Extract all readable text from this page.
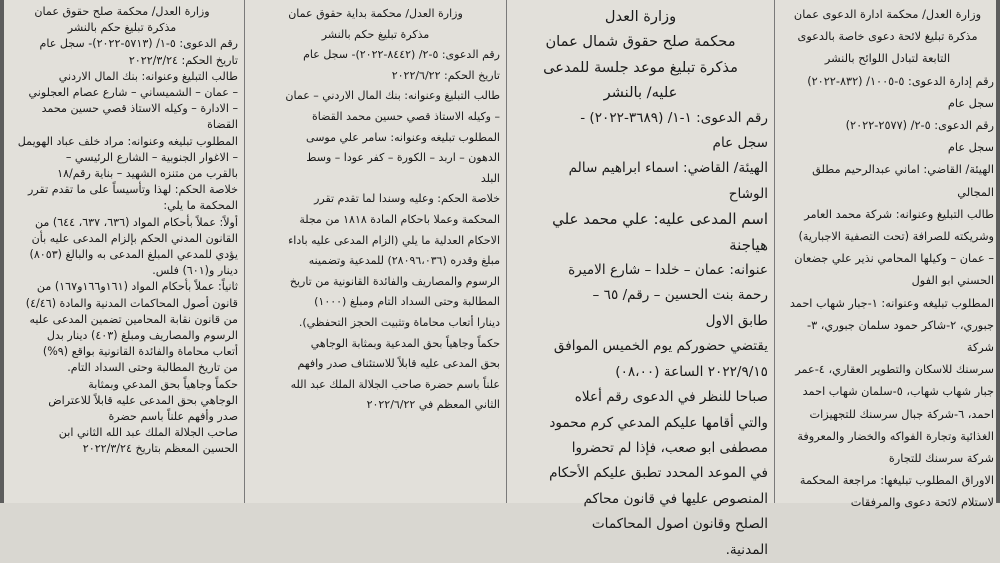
وزارة العدل/ محكمة ادارة الدعوى عمان

مذكرة تبليغ لائحة دعوى خاصة بالدعوى

التابعة لتبادل اللوائح بالنشر

رقم إدارة الدعوى: ٥-١٠٠٥/ (٨٣٢-٢٠٢٢)

سجل عام

رقم الدعوى: ٥-٢/ (٢٥٧٧-٢٠٢٢)

سجل عام

الهيئة/ القاضي: اماني عبدالرحيم مطلق

المجالي

طالب التبليغ وعنوانه: شركة محمد العامر

وشريكته للصرافة (تحت التصفية الاجبارية)

– عمان – وكيلها المحامي نذير علي جضعان

الحسني ابو الفول

المطلوب تبليغه وعنوانه: ١-جبار شهاب احمد

جبوري، ٢-شاكر حمود سلمان جبوري، ٣-شركة

سرسنك للاسكان والتطوير العقاري، ٤-عمر

جبار شهاب شهاب، ٥-سلمان شهاب احمد

احمد، ٦-شركة جبال سرسنك للتجهيزات

الغذائية وتجارة الفواكه والخضار والمعروفة

شركة سرسنك للتجارة

الاوراق المطلوب تبليغها: مراجعة المحكمة

لاستلام لائحة دعوى والمرفقات

وزارة العدل

محكمة صلح حقوق شمال عمان

مذكرة تبليغ موعد جلسة للمدعى

عليه/ بالنشر

رقم الدعوى: ١-١/ (٣٦٨٩-٢٠٢٢) -

سجل عام

الهيئة/ القاضي: اسماء ابراهيم سالم

الوشاح

اسم المدعى عليه: علي محمد علي

هياجنة

عنوانه: عمان – خلدا – شارع الاميرة

رحمة بنت الحسين – رقم/ ٦٥ –

طابق الاول

يقتضي حضوركم يوم الخميس الموافق

٢٠٢٢/٩/١٥ الساعة (٠٨،٠٠)

صباحا للنظر في الدعوى رقم أعلاه

والتي أقامها عليكم المدعي كرم محمود

مصطفى ابو صعب، فإذا لم تحضروا

في الموعد المحدد تطبق عليكم الأحكام

المنصوص عليها في قانون محاكم

الصلح وقانون اصول المحاكمات

المدنية.

وزارة العدل/ محكمة بداية حقوق عمان

مذكرة تبليغ حكم بالنشر

رقم الدعوى: ٥-٢/ (٨٤٤٢-٢٠٢٢)- سجل عام

تاريخ الحكم: ٢٠٢٢/٦/٢٢

طالب التبليغ وعنوانه: بنك المال الاردني – عمان

– وكيله الاستاذ قصي حسين محمد القضاة

المطلوب تبليغه وعنوانه: سامر علي موسى

الدهون – اربد – الكورة – كفر عودا – وسط

البلد

خلاصة الحكم: وعليه وسندا لما تقدم تقرر

المحكمة وعملا باحكام المادة ١٨١٨ من مجلة

الاحكام العدلية ما يلي (الزام المدعى عليه باداء

مبلغ وقدره (٢٨٠٩٦،٠٣٦) للمدعية وتضمينه

الرسوم والمصاريف والفائدة القانونية من تاريخ

المطالبة وحتى السداد التام ومبلغ (١٠٠٠)

دينارا أتعاب محاماة وتثبيت الحجز التحفظي).

حكماً وجاهياً بحق المدعية وبمثابة الوجاهي

بحق المدعى عليه قابلاً للاستئناف صدر وافهم

علناً باسم حضرة صاحب الجلالة الملك عبد الله

الثاني المعظم في ٢٠٢٢/٦/٢٢

وزارة العدل/ محكمة صلح حقوق عمان

مذكرة تبليغ حكم بالنشر

رقم الدعوى: ٥-١/ (٥٧١٣-٢٠٢٢)- سجل عام

تاريخ الحكم: ٢٠٢٢/٣/٢٤

طالب التبليغ وعنوانه: بنك المال الاردني

– عمان – الشميساني – شارع عصام العجلوني

– الادارة – وكيله الاستاذ قصي حسين محمد

القضاة

المطلوب تبليغه وعنوانه: مراد خلف عباد الهويمل

– الاغوار الجنوبية – الشارع الرئيسي –

بالقرب من متنزه الشهيد – بناية رقم/١٨

خلاصة الحكم: لهذا وتأسيساً على ما تقدم تقرر

المحكمة ما يلي:

أولاً: عملاً بأحكام المواد (٦٣٦، ٦٣٧، ٦٤٤) من

القانون المدني الحكم بإلزام المدعى عليه بأن

يؤدي للمدعي المبلغ المدعى به والبالغ (٨٠٥٣)

دينار و(٦٠١) فلس.

ثانياً: عملاً بأحكام المواد (١٦١و١٦٦و١٦٧) من

قانون أصول المحاكمات المدنية والمادة (٤/٤٦)

من قانون نقابة المحامين تضمين المدعى عليه

الرسوم والمصاريف ومبلغ (٤٠٣) دينار بدل

أتعاب محاماة والفائدة القانونية بواقع (٩%)

من تاريخ المطالبة وحتى السداد التام.

حكماً وجاهياً بحق المدعي وبمثابة

الوجاهي بحق المدعى عليه قابلاً للاعتراض

صدر وأفهم علناً باسم حضرة

صاحب الجلالة الملك عبد الله الثاني ابن

الحسين المعظم بتاريخ ٢٠٢٢/٣/٢٤
